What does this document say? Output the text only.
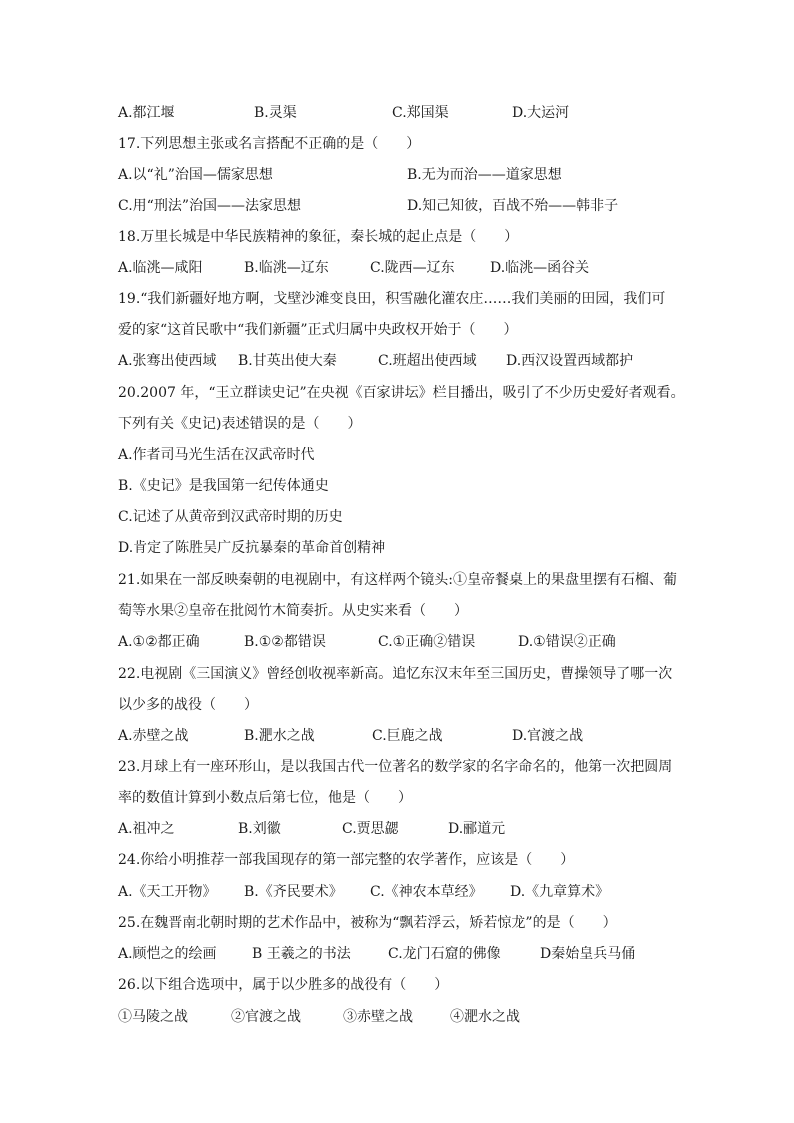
A.都江堰	B.灵渠	C.郑国渠	D.大运河
17.下列思想主张或名言搭配不正确的是（　　）
A.以“礼”治国—儒家思想	B.无为而治——道家思想
C.用“刑法”治国——法家思想	D.知己知彼，百战不殆——韩非子
18.万里长城是中华民族精神的象征，秦长城的起止点是（　　）
A.临洮—咸阳	B.临洮—辽东	C.陇西—辽东	D.临洮—函谷关
19.“我们新疆好地方啊，戈壁沙滩变良田，积雪融化灌农庄……我们美丽的田园，我们可
爱的家“这首民歌中“我们新疆”正式归属中央政权开始于（　　）
A.张骞出使西域 B.甘英出使大秦	C.班超出使西域 D.西汉设置西域都护
20.2007 年，“王立群读史记”在央视《百家讲坛》栏目播出，吸引了不少历史爱好者观看。
下列有关《史记)表述错误的是（　　）
A.作者司马光生活在汉武帝时代
B.《史记》是我国第一纪传体通史
C.记述了从黄帝到汉武帝时期的历史
D.肯定了陈胜吴广反抗暴秦的革命首创精神
21.如果在一部反映秦朝的电视剧中，有这样两个镜头:①皇帝餐桌上的果盘里摆有石榴、葡
萄等水果②皇帝在批阅竹木简奏折。从史实来看（　　）
A.①②都正确	B.①②都错误	C.①正确②错误	D.①错误②正确
22.电视剧《三国演义》曾经创收视率新高。追忆东汉末年至三国历史，曹操领导了哪一次
以少多的战役（　　）
A.赤壁之战	B.淝水之战	C.巨鹿之战	D.官渡之战
23.月球上有一座环形山，是以我国古代一位著名的数学家的名字命名的，他第一次把圆周
率的数值计算到小数点后第七位，他是（　　）
A.祖冲之	B.刘徽	C.贾思勰	D.郦道元
24.你给小明推荐一部我国现存的第一部完整的农学著作，应该是（　　）
A.《天工开物》 B.《齐民要术》 C.《神农本草经》 D.《九章算术》
25.在魏晋南北朝时期的艺术作品中，被称为“飘若浮云，矫若惊龙”的是（　　）
A.顾恺之的绘画	B 王羲之的书法	C.龙门石窟的佛像	D秦始皇兵马俑
26.以下组合选项中，属于以少胜多的战役有（　　）
①马陵之战	②官渡之战	③赤壁之战	④淝水之战
